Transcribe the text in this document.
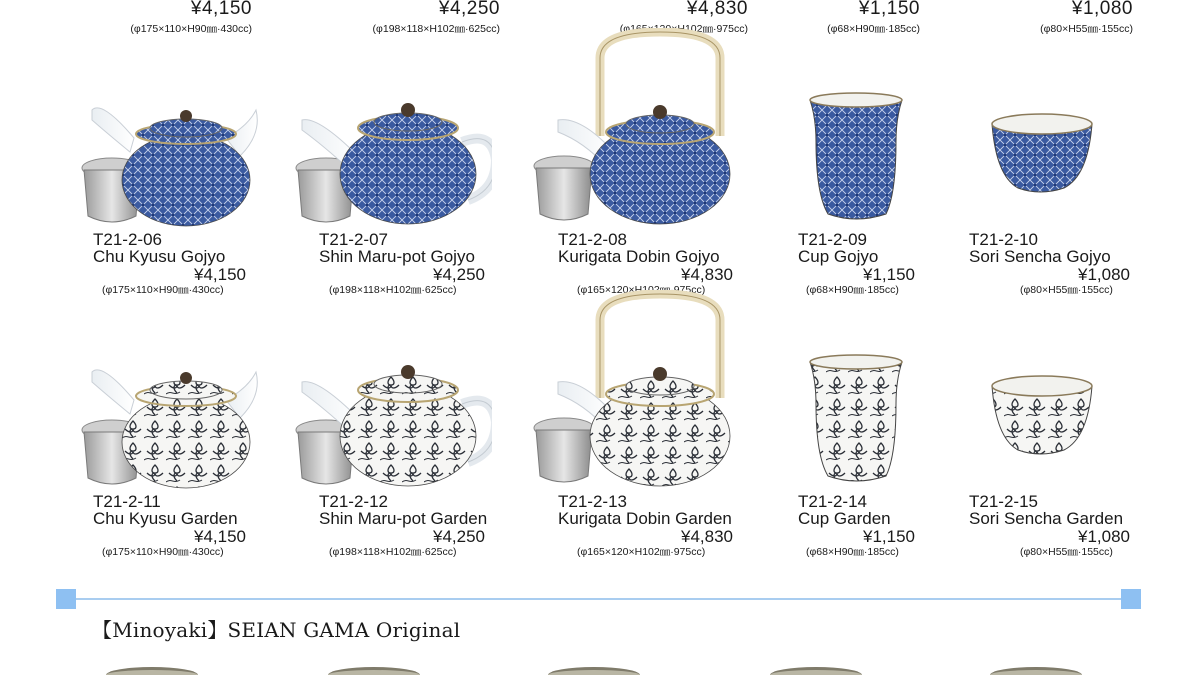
¥4,150
(φ175×110×H90㎜·430cc)
¥4,250
(φ198×118×H102㎜·625cc)
¥4,830
(φ165×120×H102㎜·975cc)
¥1,150
(φ68×H90㎜·185cc)
¥1,080
(φ80×H55㎜·155cc)
T21-2-06
Chu Kyusu Gojyo
¥4,150
(φ175×110×H90㎜·430cc)
T21-2-07
Shin Maru-pot Gojyo
¥4,250
(φ198×118×H102㎜·625cc)
T21-2-08
Kurigata Dobin Gojyo
¥4,830
(φ165×120×H102㎜·975cc)
T21-2-09
Cup Gojyo
¥1,150
(φ68×H90㎜·185cc)
T21-2-10
Sori Sencha Gojyo
¥1,080
(φ80×H55㎜·155cc)
T21-2-11
Chu Kyusu Garden
¥4,150
(φ175×110×H90㎜·430cc)
T21-2-12
Shin Maru-pot Garden
¥4,250
(φ198×118×H102㎜·625cc)
T21-2-13
Kurigata Dobin Garden
¥4,830
(φ165×120×H102㎜·975cc)
T21-2-14
Cup Garden
¥1,150
(φ68×H90㎜·185cc)
T21-2-15
Sori Sencha Garden
¥1,080
(φ80×H55㎜·155cc)
【Minoyaki】SEIAN GAMA Original
